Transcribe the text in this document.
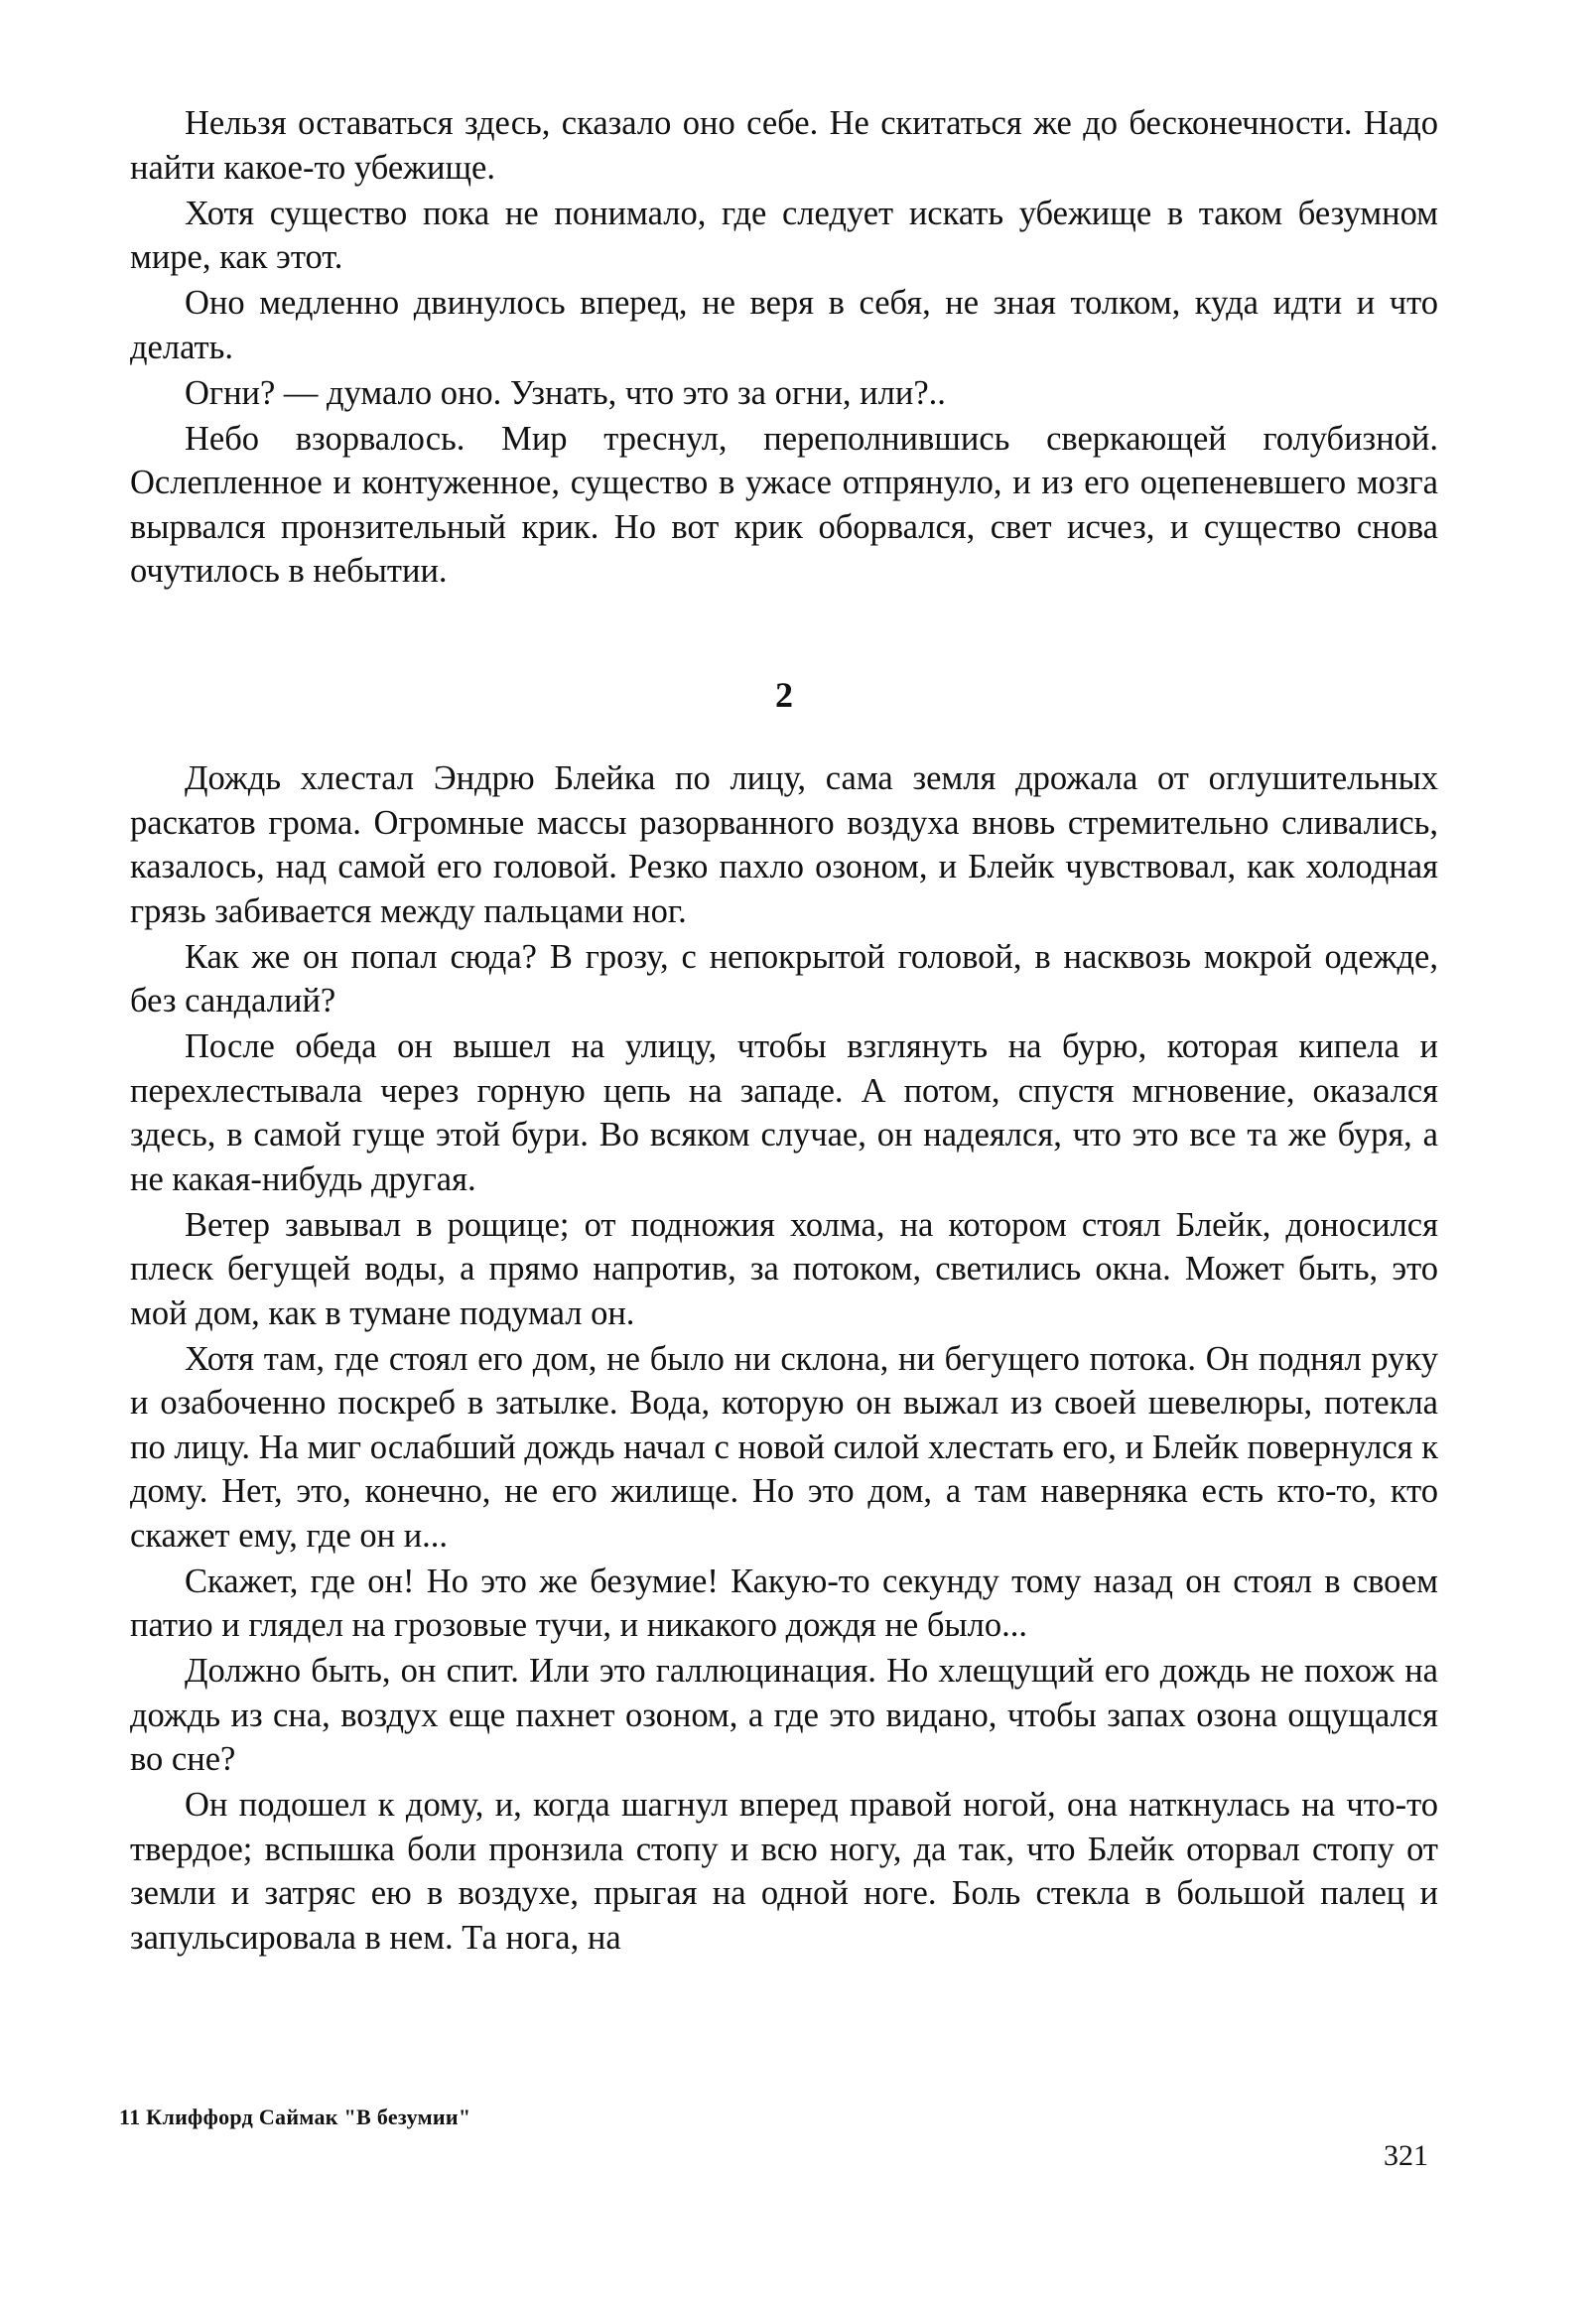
Нельзя оставаться здесь, сказало оно себе. Не скитаться же до бесконечности. Надо найти какое-то убежище.

Хотя существо пока не понимало, где следует искать убежище в таком безумном мире, как этот.

Оно медленно двинулось вперед, не веря в себя, не зная толком, куда идти и что делать.

Огни? — думало оно. Узнать, что это за огни, или?..

Небо взорвалось. Мир треснул, переполнившись сверкающей голубизной. Ослепленное и контуженное, существо в ужасе отпрянуло, и из его оцепеневшего мозга вырвался пронзительный крик. Но вот крик оборвался, свет исчез, и существо снова очутилось в небытии.

2

Дождь хлестал Эндрю Блейка по лицу, сама земля дрожала от оглушительных раскатов грома. Огромные массы разорванного воздуха вновь стремительно сливались, казалось, над самой его головой. Резко пахло озоном, и Блейк чувствовал, как холодная грязь забивается между пальцами ног.

Как же он попал сюда? В грозу, с непокрытой головой, в насквозь мокрой одежде, без сандалий?

После обеда он вышел на улицу, чтобы взглянуть на бурю, которая кипела и перехлестывала через горную цепь на западе. А потом, спустя мгновение, оказался здесь, в самой гуще этой бури. Во всяком случае, он надеялся, что это все та же буря, а не какая-нибудь другая.

Ветер завывал в рощице; от подножия холма, на котором стоял Блейк, доносился плеск бегущей воды, а прямо напротив, за потоком, светились окна. Может быть, это мой дом, как в тумане подумал он.

Хотя там, где стоял его дом, не было ни склона, ни бегущего потока. Он поднял руку и озабоченно поскреб в затылке. Вода, которую он выжал из своей шевелюры, потекла по лицу. На миг ослабший дождь начал с новой силой хлестать его, и Блейк повернулся к дому. Нет, это, конечно, не его жилище. Но это дом, а там наверняка есть кто-то, кто скажет ему, где он и...

Скажет, где он! Но это же безумие! Какую-то секунду тому назад он стоял в своем патио и глядел на грозовые тучи, и никакого дождя не было...

Должно быть, он спит. Или это галлюцинация. Но хлещущий его дождь не похож на дождь из сна, воздух еще пахнет озоном, а где это видано, чтобы запах озона ощущался во сне?

Он подошел к дому, и, когда шагнул вперед правой ногой, она наткнулась на что-то твердое; вспышка боли пронзила стопу и всю ногу, да так, что Блейк оторвал стопу от земли и затряс ею в воздухе, прыгая на одной ноге. Боль стекла в большой палец и запульсировала в нем. Та нога, на

11 Клиффорд Саймак "В безумии"
321
